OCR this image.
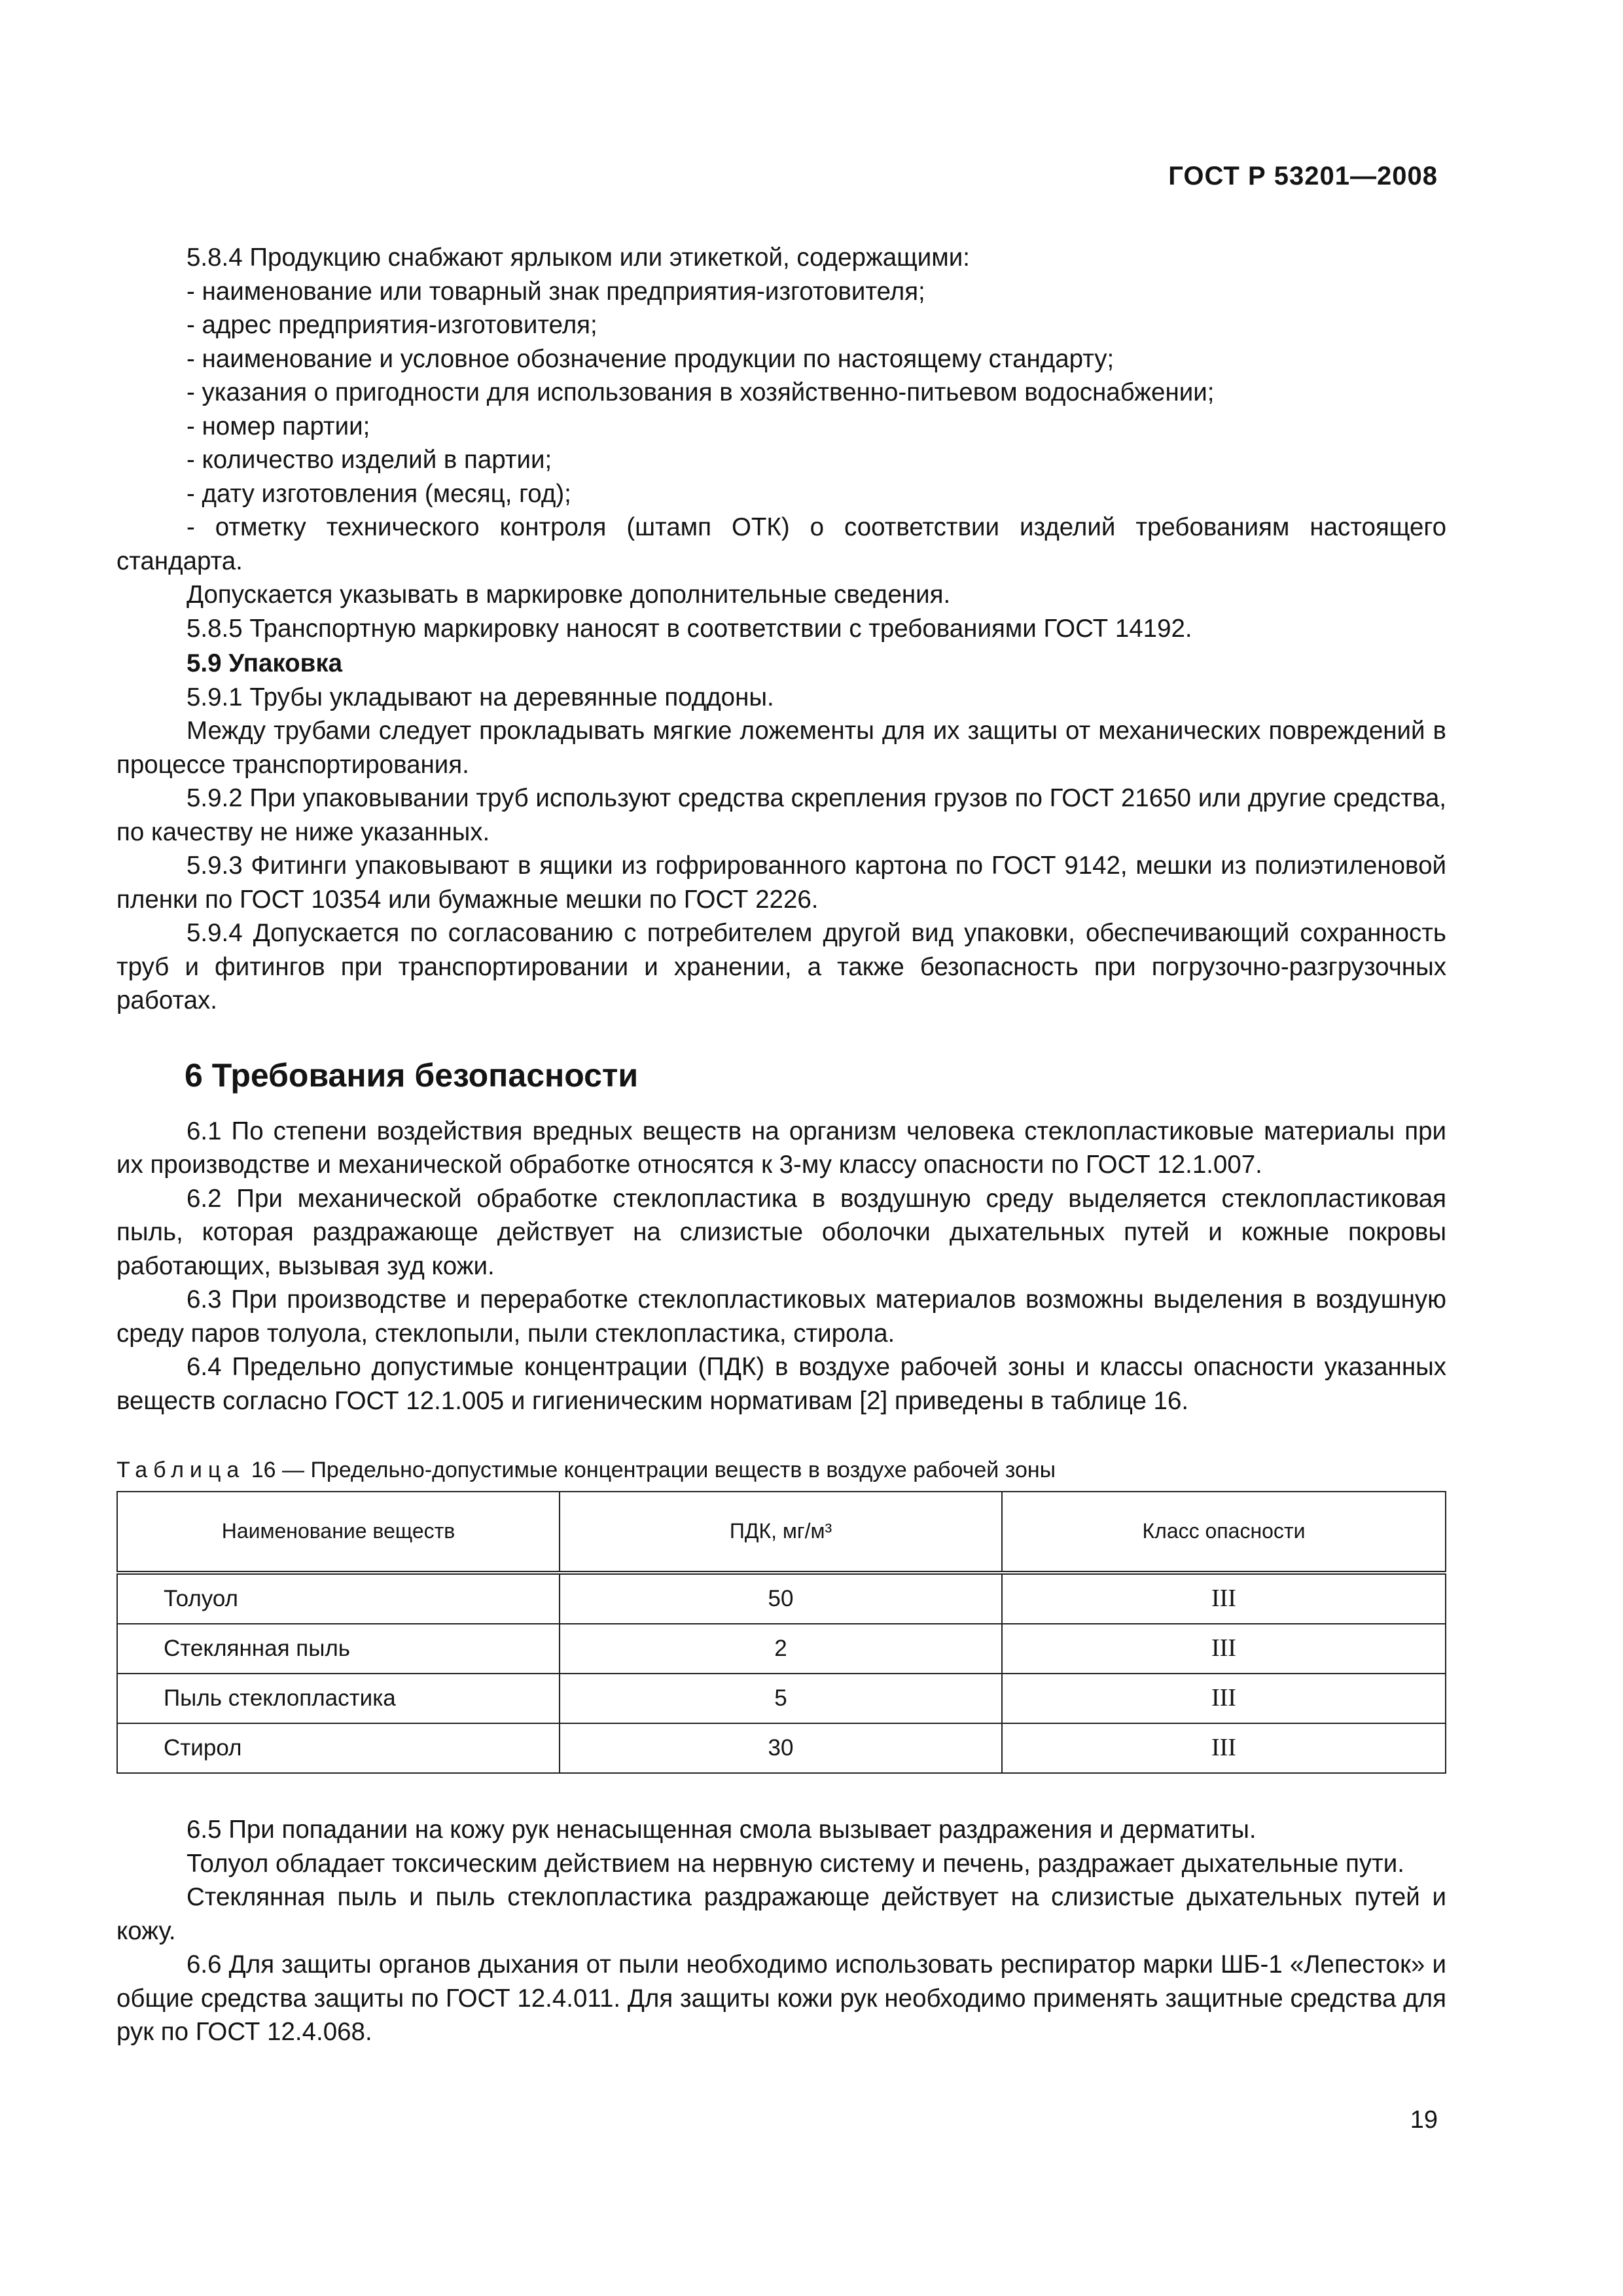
ГОСТ Р 53201—2008

5.8.4 Продукцию снабжают ярлыком или этикеткой, содержащими:

- наименование или товарный знак предприятия-изготовителя;

- адрес предприятия-изготовителя;

- наименование и условное обозначение продукции по настоящему стандарту;

- указания о пригодности для использования в хозяйственно-питьевом водоснабжении;

- номер партии;

- количество изделий в партии;

- дату изготовления (месяц, год);

- отметку технического контроля (штамп ОТК) о соответствии изделий требованиям настоящего стандарта.

Допускается указывать в маркировке дополнительные сведения.

5.8.5 Транспортную маркировку наносят в соответствии с требованиями ГОСТ 14192.

5.9 Упаковка

5.9.1 Трубы укладывают на деревянные поддоны.

Между трубами следует прокладывать мягкие ложементы для их защиты от механических повреждений в процессе транспортирования.

5.9.2 При упаковывании труб используют средства скрепления грузов по ГОСТ 21650 или другие средства, по качеству не ниже указанных.

5.9.3 Фитинги упаковывают в ящики из гофрированного картона по ГОСТ 9142, мешки из полиэтиленовой пленки по ГОСТ 10354 или бумажные мешки по ГОСТ 2226.

5.9.4 Допускается по согласованию с потребителем другой вид упаковки, обеспечивающий сохранность труб и фитингов при транспортировании и хранении, а также безопасность при погрузочно-разгрузочных работах.

6 Требования безопасности

6.1 По степени воздействия вредных веществ на организм человека стеклопластиковые материалы при их производстве и механической обработке относятся к 3-му классу опасности по ГОСТ 12.1.007.

6.2 При механической обработке стеклопластика в воздушную среду выделяется стеклопластиковая пыль, которая раздражающе действует на слизистые оболочки дыхательных путей и кожные покровы работающих, вызывая зуд кожи.

6.3 При производстве и переработке стеклопластиковых материалов возможны выделения в воздушную среду паров толуола, стеклопыли, пыли стеклопластика, стирола.

6.4 Предельно допустимые концентрации (ПДК) в воздухе рабочей зоны и классы опасности указанных веществ согласно ГОСТ 12.1.005 и гигиеническим нормативам [2] приведены в таблице 16.

Таблица 16 — Предельно-допустимые концентрации веществ в воздухе рабочей зоны
Наименование веществ	ПДК, мг/м³	Класс опасности
Толуол	50	III
Стеклянная пыль	2	III
Пыль стеклопластика	5	III
Стирол	30	III

6.5 При попадании на кожу рук ненасыщенная смола вызывает раздражения и дерматиты.

Толуол обладает токсическим действием на нервную систему и печень, раздражает дыхательные пути.

Стеклянная пыль и пыль стеклопластика раздражающе действует на слизистые дыхательных путей и кожу.

6.6 Для защиты органов дыхания от пыли необходимо использовать респиратор марки ШБ-1 «Лепесток» и общие средства защиты по ГОСТ 12.4.011. Для защиты кожи рук необходимо применять защитные средства для рук по ГОСТ 12.4.068.

19
